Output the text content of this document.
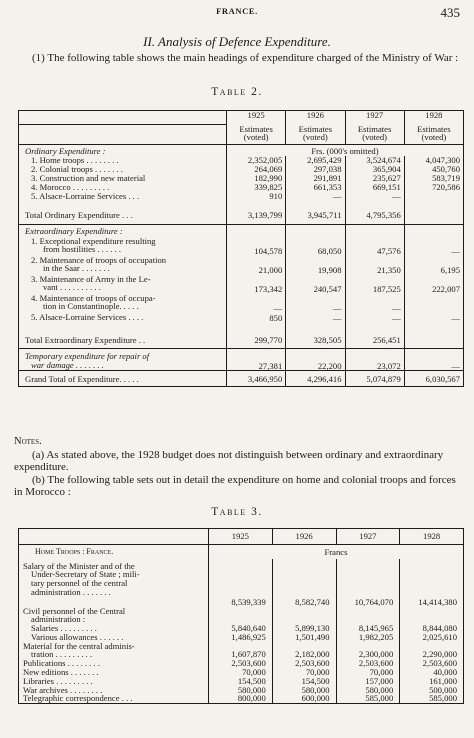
FRANCE.	435
II. Analysis of Defence Expenditure.
(1) The following table shows the main headings of expenditure charged of the Ministry of War :
Table 2.
	1925	1926	1927	1928
	Estimates (voted)	Estimates (voted)	Estimates (voted)	Estimates (voted)
Ordinary Expenditure :	Frs. (000's omitted)			
1. Home troops . . . . . . . .	2,352,005	2,695,429	3,524,674	4,047,300
2. Colonial troops . . . . . . .	264,069	297,038	365,904	450,760
3. Construction and new material	182,990	291,891	235,627	583,719
4. Morocco . . . . . . . . .	339,825	661,353	669,151	720,586
5. Alsace-Lorraine Services . . .	910	—	—	

Total Ordinary Expenditure . . .	3,139,799	3,945,711	4,795,356	
Extraordinary Expenditure :				

1. Exceptional expenditure resulting
from hostilities . . . . . .	104,578	68,050	47,576	—

2. Maintenance of troops of occupation
in the Saar . . . . . . .	21,000	19,908	21,350	6,195

3. Maintenance of Army in the Le-
vant . . . . . . . . . .	173,342	240,547	187,525	222,007

4. Maintenance of troops of occupa-
tion in Constantinople. . . . .	—	—	—	

5. Alsace-Lorraine Services . . . .	850	—	—	—

Total Extraordinary Expenditure . .	299,770	328,505	256,451	

Temporary expenditure for repair of
war damage . . . . . . .	27,381	22,200	23,072	—
Grand Total of Expenditure. . . . .	3,466,950	4,296,416	5,074,879	6,030,567
Notes.
(a) As stated above, the 1928 budget does not distinguish between ordinary and extraordinary expenditure.
(b) The following table sets out in detail the expenditure on home and colonial troops and forces in Morocco :
Table 3.
	1925	1926	1927	1928
Home Troops : France.	Francs			

Salary of the Minister and of the
Under-Secretary of State ; mili-
tary personnel of the central
administration . . . . . . .	8,539,339	8,582,740	10,764,070	14,414,380

Civil personnel of the Central
administration :				

Salaries . . . . . . . . .	5,840,640	5,899,130	8,145,965	8,844,080

Various allowances . . . . . .	1,486,925	1,501,490	1,982,205	2,025,610

Material for the central adminis-
tration . . . . . . . . .	1,607,870	2,182,000	2,300,000	2,290,000

Publications . . . . . . . .	2,503,600	2,503,600	2,503,600	2,503,600

New editions . . . . . . .	70,000	70,000	70,000	40,000

Libraries . . . . . . . . .	154,500	154,500	157,000	161,000

War archives . . . . . . . .	580,000	580,000	580,000	500,000

Telegraphic correspondence . . .	800,000	600,000	585,000	585,000
